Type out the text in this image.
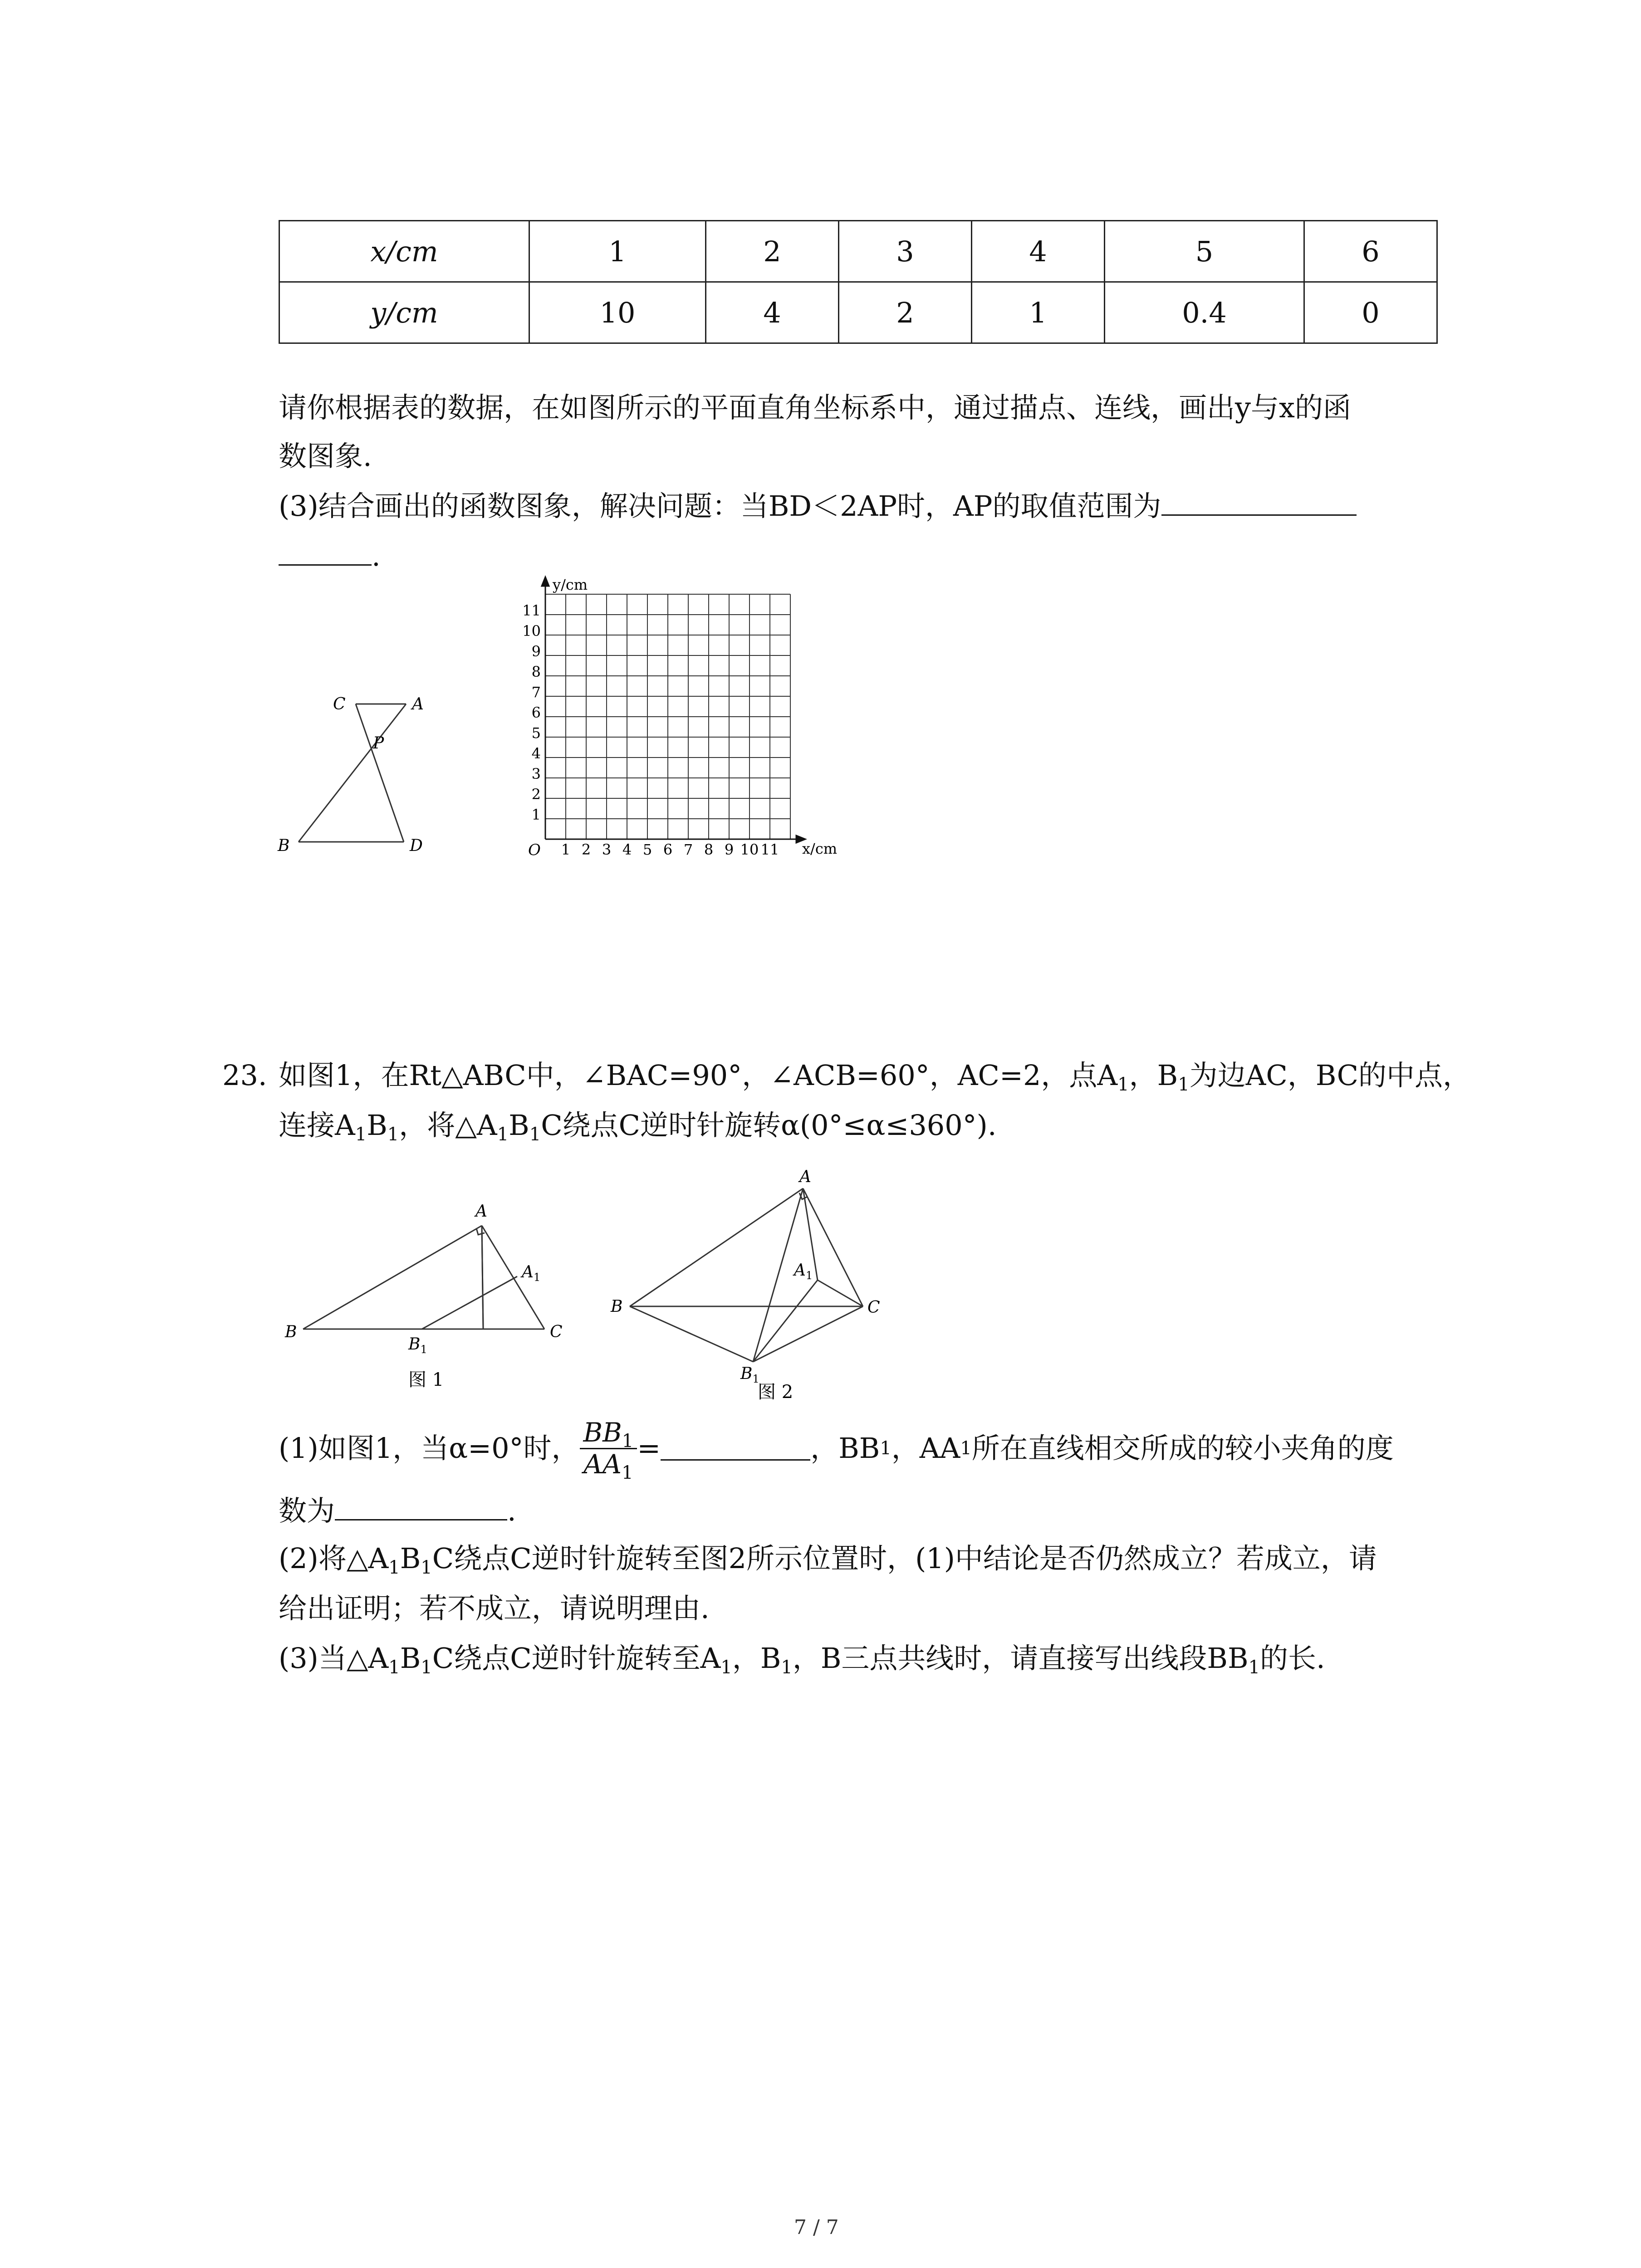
x/cm	1	2	3	4	5	6
y/cm	10	4	2	1	0.4	0
请你根据表的数据，在如图所示的平面直角坐标系中，通过描点、连线，画出y与x的函
数图象.
(3)结合画出的函数图象，解决问题：当BD＜2AP时，AP的取值范围为
.
C	A
P
B	D
y/cm
x/cm
O
1
2
3
4
5
6
7
8
9
10
11
1 2 3 4 5 6 7 8 9 10 11
23. 如图1，在Rt△ABC中，∠BAC=90°，∠ACB=60°，AC=2，点$A_1$，$B_1$为边AC，BC的中点，
连接$A_1B_1$，将$\triangle A_1B_1C$绕点C逆时针旋转α(0°≤α≤360°).
A
$A_1$
B
$B_1$
C
图 1
A
$A_1$
B
$B_1$
C
图 2
(1)如图1，当α=0°时， $\frac{BB_1}{AA_1}$ =	，BB 1 ，AA 1 所在直线相交所成的较小夹角的度
数为	.
(2)将$\triangle A_1B_1C$绕点C逆时针旋转至图2所示位置时，(1)中结论是否仍然成立？若成立，请
给出证明；若不成立，请说明理由.
(3)当$\triangle A_1B_1C$绕点C逆时针旋转至$A_1$，$B_1$，B三点共线时，请直接写出线段$BB_1$的长.
7 / 7
